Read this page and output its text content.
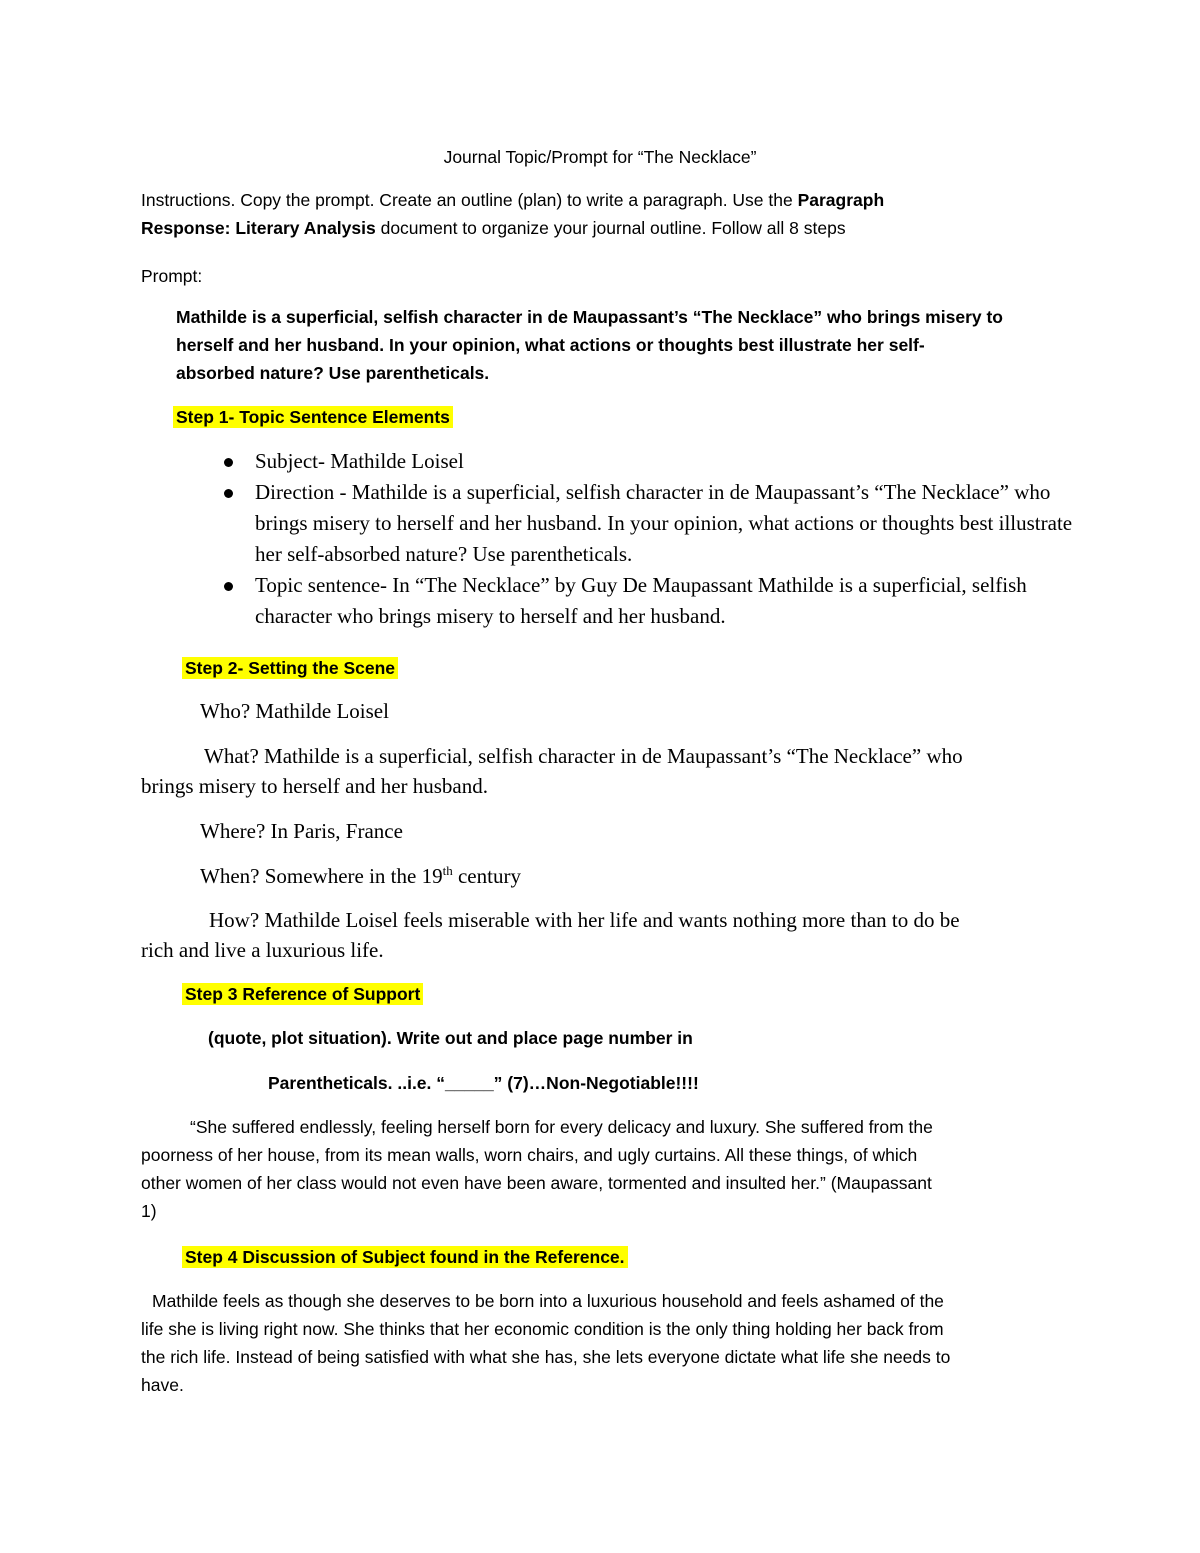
Journal Topic/Prompt for “The Necklace”
Instructions. Copy the prompt. Create an outline (plan) to write a paragraph. Use the Paragraph
Response: Literary Analysis document to organize your journal outline. Follow all 8 steps
Prompt:
Mathilde is a superficial, selfish character in de Maupassant’s “The Necklace” who brings misery to
herself and her husband. In your opinion, what actions or thoughts best illustrate her self-
absorbed nature? Use parentheticals.
Step 1- Topic Sentence Elements
Subject- Mathilde Loisel
Direction - Mathilde is a superficial, selfish character in de Maupassant’s “The Necklace” who brings misery to herself and her husband. In your opinion, what actions or thoughts best illustrate her self-absorbed nature? Use parentheticals.
Topic sentence- In “The Necklace” by Guy De Maupassant Mathilde is a superficial, selfish character who brings misery to herself and her husband.
Step 2- Setting the Scene
Who? Mathilde Loisel
What? Mathilde is a superficial, selfish character in de Maupassant’s “The Necklace” who
brings misery to herself and her husband.
Where? In Paris, France
When? Somewhere in the 19th century
How? Mathilde Loisel feels miserable with her life and wants nothing more than to do be
rich and live a luxurious life.
Step 3 Reference of Support
(quote, plot situation). Write out and place page number in
Parentheticals. ..i.e. “_____” (7)…Non-Negotiable!!!!
“She suffered endlessly, feeling herself born for every delicacy and luxury. She suffered from the
poorness of her house, from its mean walls, worn chairs, and ugly curtains. All these things, of which
other women of her class would not even have been aware, tormented and insulted her.” (Maupassant
1)
Step 4 Discussion of Subject found in the Reference.
Mathilde feels as though she deserves to be born into a luxurious household and feels ashamed of the
life she is living right now. She thinks that her economic condition is the only thing holding her back from
the rich life. Instead of being satisfied with what she has, she lets everyone dictate what life she needs to
have.
